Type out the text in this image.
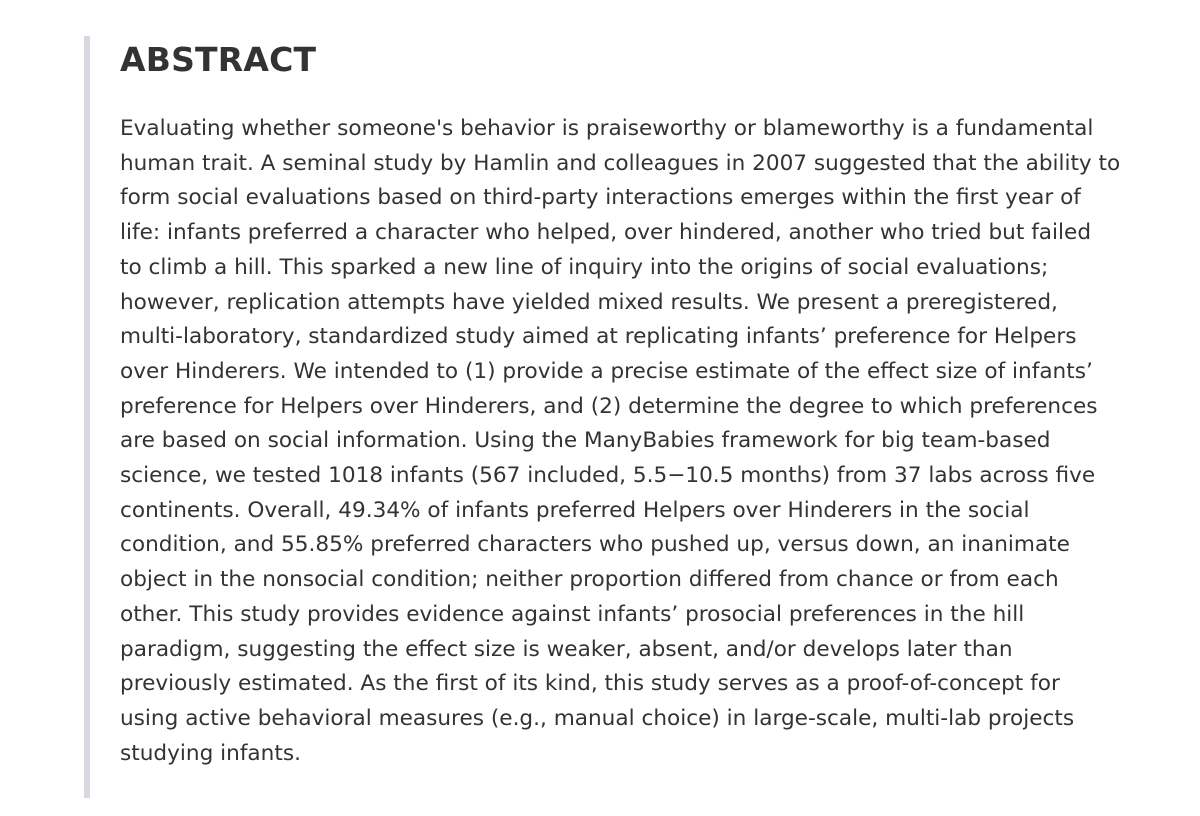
ABSTRACT

Evaluating whether someone's behavior is praiseworthy or blameworthy is a fundamental
human trait. A seminal study by Hamlin and colleagues in 2007 suggested that the ability to
form social evaluations based on third-party interactions emerges within the first year of
life: infants preferred a character who helped, over hindered, another who tried but failed
to climb a hill. This sparked a new line of inquiry into the origins of social evaluations;
however, replication attempts have yielded mixed results. We present a preregistered,
multi-laboratory, standardized study aimed at replicating infants’ preference for Helpers
over Hinderers. We intended to (1) provide a precise estimate of the effect size of infants’
preference for Helpers over Hinderers, and (2) determine the degree to which preferences
are based on social information. Using the ManyBabies framework for big team-based
science, we tested 1018 infants (567 included, 5.5−10.5 months) from 37 labs across five
continents. Overall, 49.34% of infants preferred Helpers over Hinderers in the social
condition, and 55.85% preferred characters who pushed up, versus down, an inanimate
object in the nonsocial condition; neither proportion differed from chance or from each
other. This study provides evidence against infants’ prosocial preferences in the hill
paradigm, suggesting the effect size is weaker, absent, and/or develops later than
previously estimated. As the first of its kind, this study serves as a proof-of-concept for
using active behavioral measures (e.g., manual choice) in large-scale, multi-lab projects
studying infants.
